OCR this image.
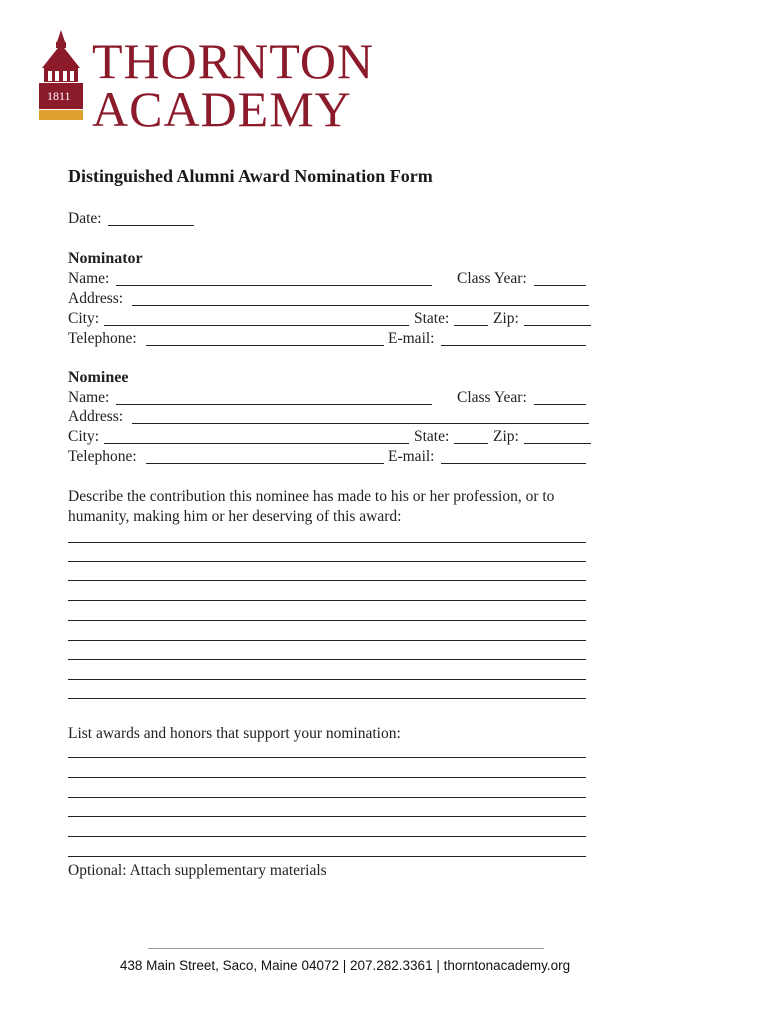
1811
THORNTON
ACADEMY
Distinguished Alumni Award Nomination Form
Date:
Nominator
Name:	Class Year:
Address:
City:	State:	Zip:
Telephone:	E-mail:
Nominee
Name:	Class Year:
Address:
City:	State:	Zip:
Telephone:	E-mail:
Describe the contribution this nominee has made to his or her profession, or to humanity, making him or her deserving of this award:
List awards and honors that support your nomination:
Optional: Attach supplementary materials
438 Main Street, Saco, Maine 04072 | 207.282.3361 | thorntonacademy.org
